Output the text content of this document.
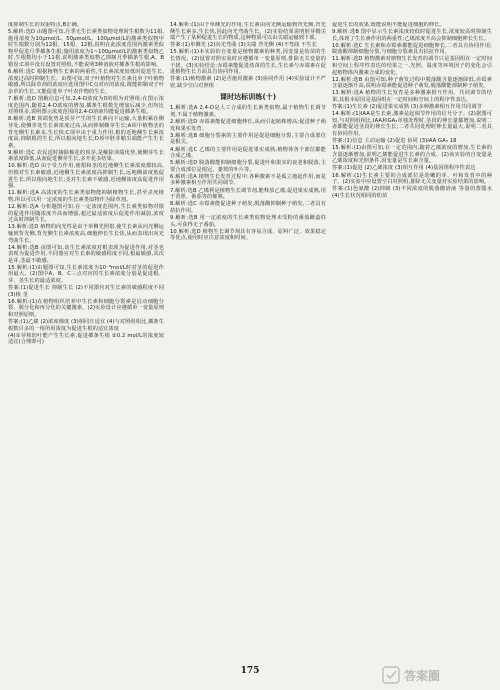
度抑制生长的双重特点,B正确。
5.解析:选D 由题图可知,月季无生长素类似物处理时生根数为11根,施用浓度为10μmol/L、50μmol/L、100μmol/L的激素类似物甲时生根数分别为12根、15根、12根,说明在此浓度范围内激素类似物甲促进月季插条生根;施用浓度为1~100μmol/L的激素类似物乙时,生根数均小于11根,说明激素类似物乙抑制月季插条生根,A、B错误;C项中没有设置对照组,不能说明3种溶液对插条生根的影响。
6.解析:选C 根据植物生长素的两重性,生长素浓度较低时促进生长,浓度过高时抑制生长。由图可知,双子叶植物对生长素比单子叶植物敏感,所以除草剂的浓度应选用图中C点对应的浓度,既能抑制双子叶杂草的生长,又能促进单子叶农作物的生长。
7.解析:选D 图解信息可知,2,4-D浓度为0的组为对照组;在图示浓度范围内,随着2,4-D浓度的增加,插条生根数先增加后减少,但均比对照组多,说明图示浓度范围的2,4-D溶液均能促进插条生根。
8.解析:选B 顶端优势是顶芽产生的生长素向下运输,大量积累在侧芽处,使侧芽处生长素浓度过高,从而抑制侧芽生长;A项中植物茎的背光侧生长素多,生长快;C项中由于重力作用,根的近地侧生长素浓度高,抑制根的生长,所以根向地生长;D项中胚芽鞘尖端能产生生长素。
9.解析:选C 农民适时摘除棉花的顶芽,是解除顶端优势,使侧芽生长素浓度降低,从而促进侧芽生长,多开花多结果。
10.解析:选D 由于受力作用,使根和茎的近地侧生长素浓度都较高,但根对生长素敏感,近地侧生长素浓度高抑制生长,远地侧浓度低促进生长,所以根向地生长;茎对生长素不敏感,近地侧浓度高促进作用强。
11.解析:选A 高浓度的生长素类似物能抑制植物生长,甚至杀死植物,所以可以用一定浓度的生长素类似物作为除草剂。
12.解析:选A 分析题图可知,在一定浓度范围内,生长素类似物对根的促进作用随浓度升高而增强,超过最适浓度后促进作用减弱,浓度过高时抑制生长。
13.解析:选D 植物的向光性是由于单侧光照射,使生长素从向光侧运输到背光侧,背光侧生长素浓度高,细胞伸长生长快,从而表现出向光弯曲生长。
14.解析:选B 由图可知,该生长素浓度对根表现为促进作用,对茎也表现为促进作用,不同器官对生长素的敏感程度不同,根最敏感,其次是芽,茎最不敏感。
15.解析:(1)由题图可知,生长素浓度为10⁻⁸mol/L时对茎的促进作用最大。(2)图中A、B、C三点对应的生长素浓度分别是促进根、芽、茎生长的最适浓度。
答案:(1)促进生长 抑制生长 (2)不同器官对生长素的敏感程度不同 (3)根 茎
16.解析:(1)在植物组织培养中生长素和细胞分裂素是启动细胞分裂、脱分化和再分化的关键激素。(2)实验设计应遵循单一变量原则和对照原则。
答案:(1)乙烯 (2)浓度梯度 (3)相同且适宜 (4)与对照组相比,插条生根数目多的一组所用浓度为促进生根的适宜浓度
(4)①芽和幼叶能产生生长素,促进插条生根 ②0.2 mol/L的浓度较适宜(合理即可)
14.解析:(1)由于单侧光的作用,生长素由向光侧运输到背光侧,背光侧生长素多,生长快,因此向光弯曲生长。(2)实验结果说明胚芽鞘尖端产生了某种促进生长的物质,这种物质可以由尖端运输到下部。
答案:(1)单侧光 (2)向光弯曲 (3)尖端 背光侧 (4)不弯曲 不生长
15.解析:(1)本实验的自变量是植物激素的种类,因变量是幼苗的生长情况。(2)设置对照实验时应遵循单一变量原则,排除无关变量的干扰。(3)实验结论:赤霉素能促进幼苗的生长,生长素与赤霉素在促进植物生长方面具有协同作用。
答案:(1)植物激素 (2)是否施用激素 (3)协同作用 (4)实验设计不严密,缺少空白对照组
课时达标训练(十)
1.解析:选A 2,4-D是人工合成的生长素类似物,属于植物生长调节剂,不属于植物激素。
2.解析:选D 赤霉素能促进细胞伸长,从而引起植株增高;促进种子萌发和果实发育。
3.解析:选B 细胞分裂素的主要作用是促进细胞分裂,主要合成部位是根尖。
4.解析:选C 乙烯的主要作用是促进果实成熟,植物体各个部位都能合成乙烯。
5.解析:选D 脱落酸能抑制细胞分裂,促进叶和果实的衰老和脱落,主要合成部位是根冠、萎蔫的叶片等。
6.解析:选A 植物生长发育过程中,各种激素不是孤立地起作用,而是多种激素相互作用共同调节。
7.解析:选B 乙烯利是植物生长调节剂,能释放乙烯,促进果实成熟,用于香蕉、番茄等的催熟。
8.解析:选C 赤霉素能促进种子萌发,脱落酸抑制种子萌发,二者具有拮抗作用。
9.解析:选B 用一定浓度的生长素类似物处理未受粉的番茄雌蕊柱头,可获得无子番茄。
10.解析:选D 植物生长调节剂具有容易合成、原料广泛、效果稳定等优点,使用时应注意浓度和时间。
促进生长的效果,既能说明不能促进细胞的伸长。
9.解析:选B 图中显示生长素浓度较低时促进生长,浓度较高时抑制生长,体现了生长素作用的两重性;乙烯浓度升高会抑制细胞伸长生长。
10.解析:选C 生长素和赤霉素都能促进细胞伸长,二者具有协同作用;脱落酸抑制细胞分裂,与细胞分裂素具有拮抗作用。
11.解析:选D 植物激素对植物生长发育的调节只是基因组在一定时间和空间上程序性表达的结果之一,光照、温度等环境因子的变化会引起植物体内激素合成的变化。
12.解析:选B 由图可知,种子萌发过程中脱落酸含量逐渐降低,赤霉素含量逐渐升高,说明赤霉素能促进种子萌发,脱落酸能抑制种子萌发。
13.解析:选A 植物的生长发育是多种激素相互作用、共同调节的结果,其根本原因是基因组在一定时间和空间上的程序性表达。
答案:(1)生长素 (2)促进果实成熟 (3)多种激素相互作用共同调节
14.解析:(1)IAA是生长素,激素是起调节作用的信号分子。(2)据图可知,与对照组相比,IAA和GA₃单独处理时,茎段的伸长量都增加,说明二者都能促进茎段的伸长生长;二者共同处理时伸长量最大,说明二者具有协同作用。
答案:(1)信息 主动运输 (2)促进 协同 (3)IAA GA₃ 18
15.解析:(1)由图可知,在一定范围内,随着乙烯浓度的增加,生长素的含量逐渐增加,说明乙烯能促进生长素的合成。(2)该实验的自变量是乙烯浓度和光照条件,因变量是生长素含量。
答案:(1)促进 (2)乙烯浓度 (3)相互作用 (4)基因组程序性表达
16.解析:(1)生长素主要的合成部位是幼嫩的芽、叶和发育中的种子。(2)实验中应设置空白对照组,排除无关变量对实验结果的影响。
答案:(1)色氨酸 (2)抑制 (3)不同浓度的脱落酸溶液 等量的蒸馏水 (4)生长状况相同的幼苗
175	答案圈
